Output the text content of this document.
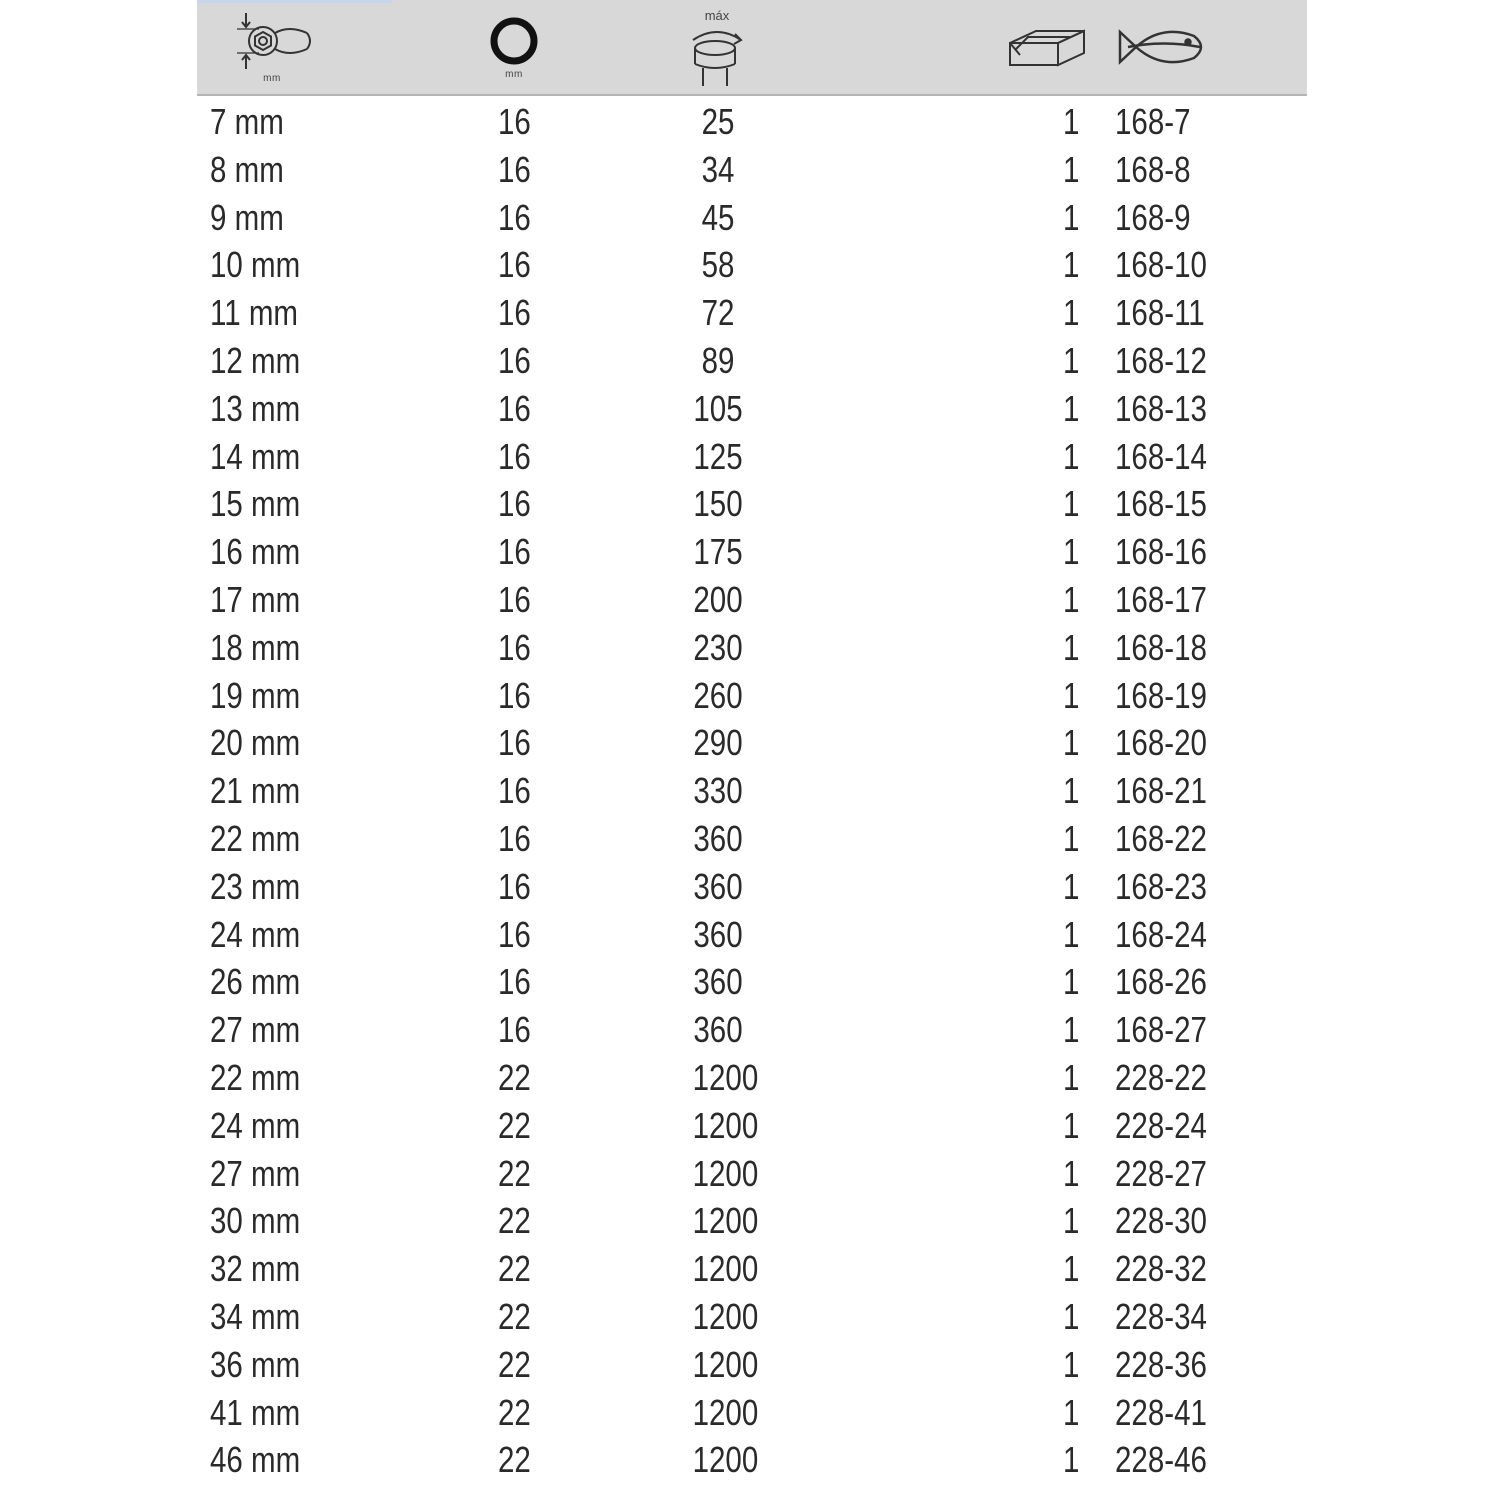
mm	mm
máx
7 mm	16	25	1 168-7
8 mm	16	34	1 168-8
9 mm	16	45	1 168-9
10 mm	16	58	1 168-10
11 mm	16	72	1 168-11
12 mm	16	89	1 168-12
13 mm	16	105	1 168-13
14 mm	16	125	1 168-14
15 mm	16	150	1 168-15
16 mm	16	175	1 168-16
17 mm	16	200	1 168-17
18 mm	16	230	1 168-18
19 mm	16	260	1 168-19
20 mm	16	290	1 168-20
21 mm	16	330	1 168-21
22 mm	16	360	1 168-22
23 mm	16	360	1 168-23
24 mm	16	360	1 168-24
26 mm	16	360	1 168-26
27 mm	16	360	1 168-27
22 mm	22	1200	1 228-22
24 mm	22	1200	1 228-24
27 mm	22	1200	1 228-27
30 mm	22	1200	1 228-30
32 mm	22	1200	1 228-32
34 mm	22	1200	1 228-34
36 mm	22	1200	1 228-36
41 mm	22	1200	1 228-41
46 mm	22	1200	1 228-46
